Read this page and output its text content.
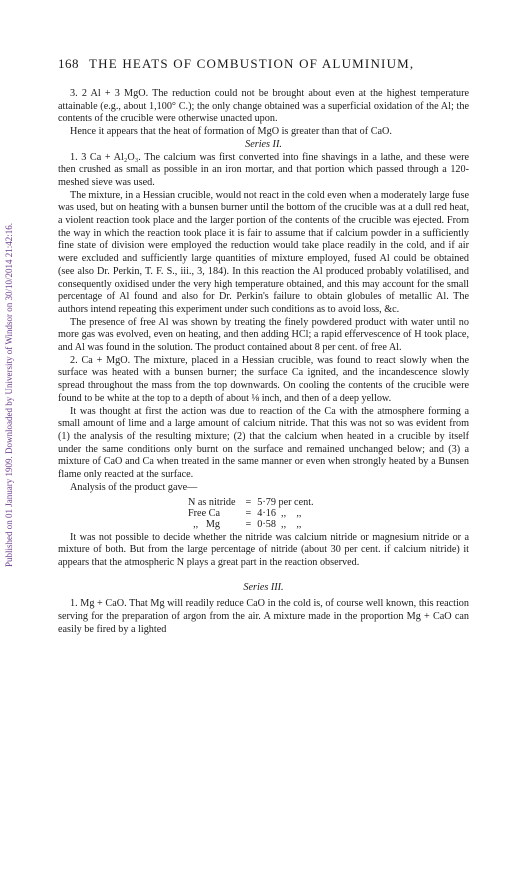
Published on 01 January 1909. Downloaded by University of Windsor on 30/10/2014 21:42:16.
168 THE HEATS OF COMBUSTION OF ALUMINIUM,

3. 2 Al + 3 MgO. The reduction could not be brought about even at the highest temperature attainable (e.g., about 1,100° C.); the only change obtained was a superficial oxidation of the Al; the contents of the crucible were otherwise unacted upon.

Hence it appears that the heat of formation of MgO is greater than that of CaO.

Series II.

1. 3 Ca + Al₂O₃. The calcium was first converted into fine shavings in a lathe, and these were then crushed as small as possible in an iron mortar, and that portion which passed through a 120-meshed sieve was used.

The mixture, in a Hessian crucible, would not react in the cold even when a moderately large fuse was used, but on heating with a bunsen burner until the bottom of the crucible was at a dull red heat, a violent reaction took place and the larger portion of the contents of the crucible was ejected. From the way in which the reaction took place it is fair to assume that if calcium powder in a sufficiently fine state of division were employed the reduction would take place readily in the cold, and if air were excluded and sufficiently large quantities of mixture employed, fused Al could be obtained (see also Dr. Perkin, T. F. S., iii., 3, 184). In this reaction the Al produced probably volatilised, and consequently oxidised under the very high temperature obtained, and this may account for the small percentage of Al found and also for Dr. Perkin's failure to obtain globules of metallic Al. The authors intend repeating this experiment under such conditions as to avoid loss, &c.

The presence of free Al was shown by treating the finely powdered product with water until no more gas was evolved, even on heating, and then adding HCl; a rapid effervescence of H took place, and Al was found in the solution. The product contained about 8 per cent. of free Al.

2. Ca + MgO. The mixture, placed in a Hessian crucible, was found to react slowly when the surface was heated with a bunsen burner; the surface Ca ignited, and the incandescence slowly spread throughout the mass from the top downwards. On cooling the contents of the crucible were found to be white at the top to a depth of about ⅛ inch, and then of a deep yellow.

It was thought at first the action was due to reaction of the Ca with the atmosphere forming a small amount of lime and a large amount of calcium nitride. That this was not so was evident from (1) the analysis of the resulting mixture; (2) that the calcium when heated in a crucible by itself under the same conditions only burnt on the surface and remained unchanged below; and (3) a mixture of CaO and Ca when treated in the same manner or even when strongly heated by a Bunsen flame only reacted at the surface.

Analysis of the product gave—

N as nitride	=	5·79 per cent.
Free Ca	=	4·16  ,,    ,,
,,   Mg	=	0·58  ,,    ,,

It was not possible to decide whether the nitride was calcium nitride or magnesium nitride or a mixture of both. But from the large percentage of nitride (about 30 per cent. if calcium nitride) it appears that the atmospheric N plays a great part in the reaction observed.

Series III.

1. Mg + CaO. That Mg will readily reduce CaO in the cold is, of course well known, this reaction serving for the preparation of argon from the air. A mixture made in the proportion Mg + CaO can easily be fired by a lighted
